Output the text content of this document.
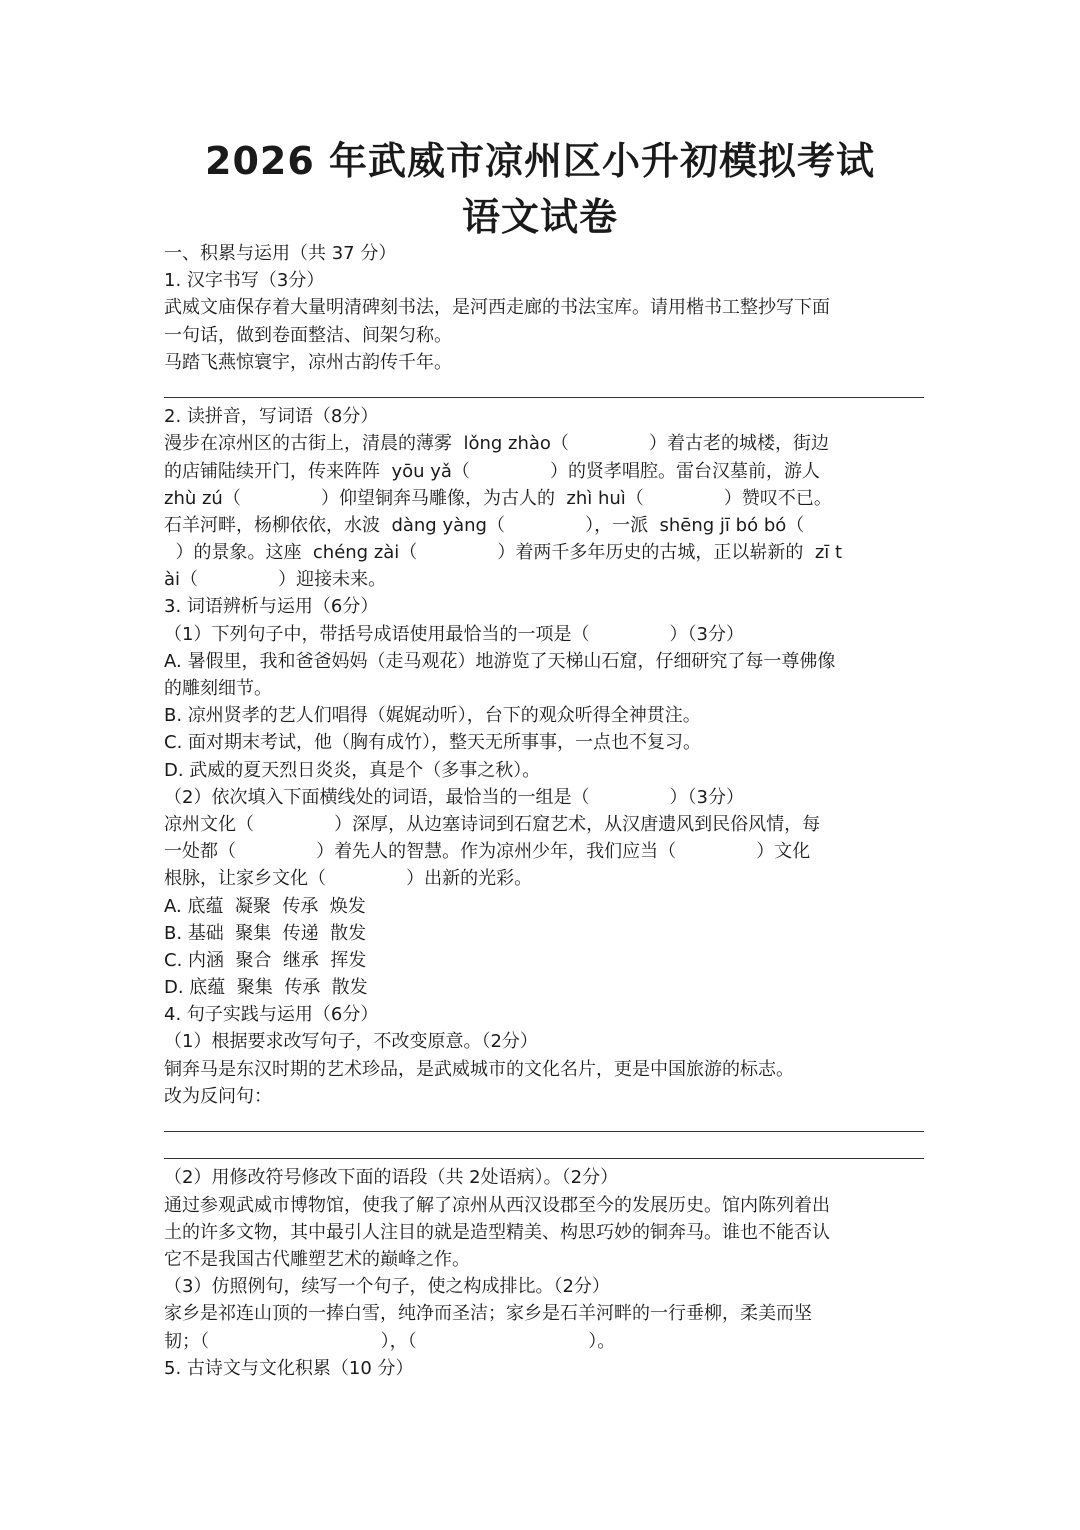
2026 年武威市凉州区小升初模拟考试
语文试卷
一、积累与运用（共 37 分）
1. 汉字书写（3分）
武威文庙保存着大量明清碑刻书法，是河西走廊的书法宝库。请用楷书工整抄写下面
一句话，做到卷面整洁、间架匀称。
马踏飞燕惊寰宇，凉州古韵传千年。
2. 读拼音，写词语（8分）
漫步在凉州区的古街上，清晨的薄雾  lǒng zhào（              ）着古老的城楼，街边
的店铺陆续开门，传来阵阵  yōu yǎ（              ）的贤孝唱腔。雷台汉墓前，游人
zhù zú（              ）仰望铜奔马雕像，为古人的  zhì huì（              ）赞叹不已。
石羊河畔，杨柳依依，水波  dàng yàng（              ），一派  shēng jī bó bó（
）的景象。这座  chéng zài（              ）着两千多年历史的古城，正以崭新的  zī t
ài（              ）迎接未来。
3. 词语辨析与运用（6分）
（1）下列句子中，带括号成语使用最恰当的一项是（              ）（3分）
A. 暑假里，我和爸爸妈妈（走马观花）地游览了天梯山石窟，仔细研究了每一尊佛像
的雕刻细节。
B. 凉州贤孝的艺人们唱得（娓娓动听），台下的观众听得全神贯注。
C. 面对期末考试，他（胸有成竹），整天无所事事，一点也不复习。
D. 武威的夏天烈日炎炎，真是个（多事之秋）。
（2）依次填入下面横线处的词语，最恰当的一组是（              ）（3分）
凉州文化（              ）深厚，从边塞诗词到石窟艺术，从汉唐遗风到民俗风情，每
一处都（              ）着先人的智慧。作为凉州少年，我们应当（              ）文化
根脉，让家乡文化（              ）出新的光彩。
A. 底蕴  凝聚  传承  焕发
B. 基础  聚集  传递  散发
C. 内涵  聚合  继承  挥发
D. 底蕴  聚集  传承  散发
4. 句子实践与运用（6分）
（1）根据要求改写句子，不改变原意。（2分）
铜奔马是东汉时期的艺术珍品，是武威城市的文化名片，更是中国旅游的标志。
改为反问句：
（2）用修改符号修改下面的语段（共 2处语病）。（2分）
通过参观武威市博物馆，使我了解了凉州从西汉设郡至今的发展历史。馆内陈列着出
土的许多文物，其中最引人注目的就是造型精美、构思巧妙的铜奔马。谁也不能否认
它不是我国古代雕塑艺术的巅峰之作。
（3）仿照例句，续写一个句子，使之构成排比。（2分）
家乡是祁连山顶的一捧白雪，纯净而圣洁；家乡是石羊河畔的一行垂柳，柔美而坚
韧；（                              ），（                              ）。
5. 古诗文与文化积累（10 分）
